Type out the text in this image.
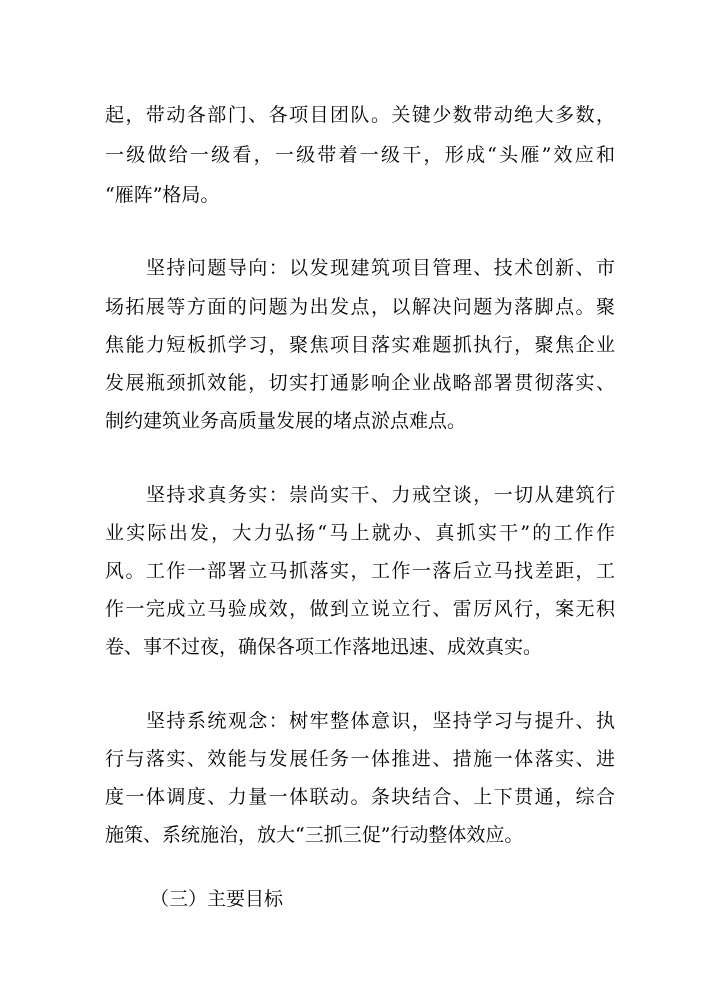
起，带动各部门、各项目团队。关键少数带动绝大多数，
一级做给一级看，一级带着一级干，形成“头雁”效应和
“雁阵”格局。
坚持问题导向：以发现建筑项目管理、技术创新、市
场拓展等方面的问题为出发点，以解决问题为落脚点。聚
焦能力短板抓学习，聚焦项目落实难题抓执行，聚焦企业
发展瓶颈抓效能，切实打通影响企业战略部署贯彻落实、
制约建筑业务高质量发展的堵点淤点难点。
坚持求真务实：崇尚实干、力戒空谈，一切从建筑行
业实际出发，大力弘扬“马上就办、真抓实干”的工作作
风。工作一部署立马抓落实，工作一落后立马找差距，工
作一完成立马验成效，做到立说立行、雷厉风行，案无积
卷、事不过夜，确保各项工作落地迅速、成效真实。
坚持系统观念：树牢整体意识，坚持学习与提升、执
行与落实、效能与发展任务一体推进、措施一体落实、进
度一体调度、力量一体联动。条块结合、上下贯通，综合
施策、系统施治，放大“三抓三促”行动整体效应。
（三）主要目标
